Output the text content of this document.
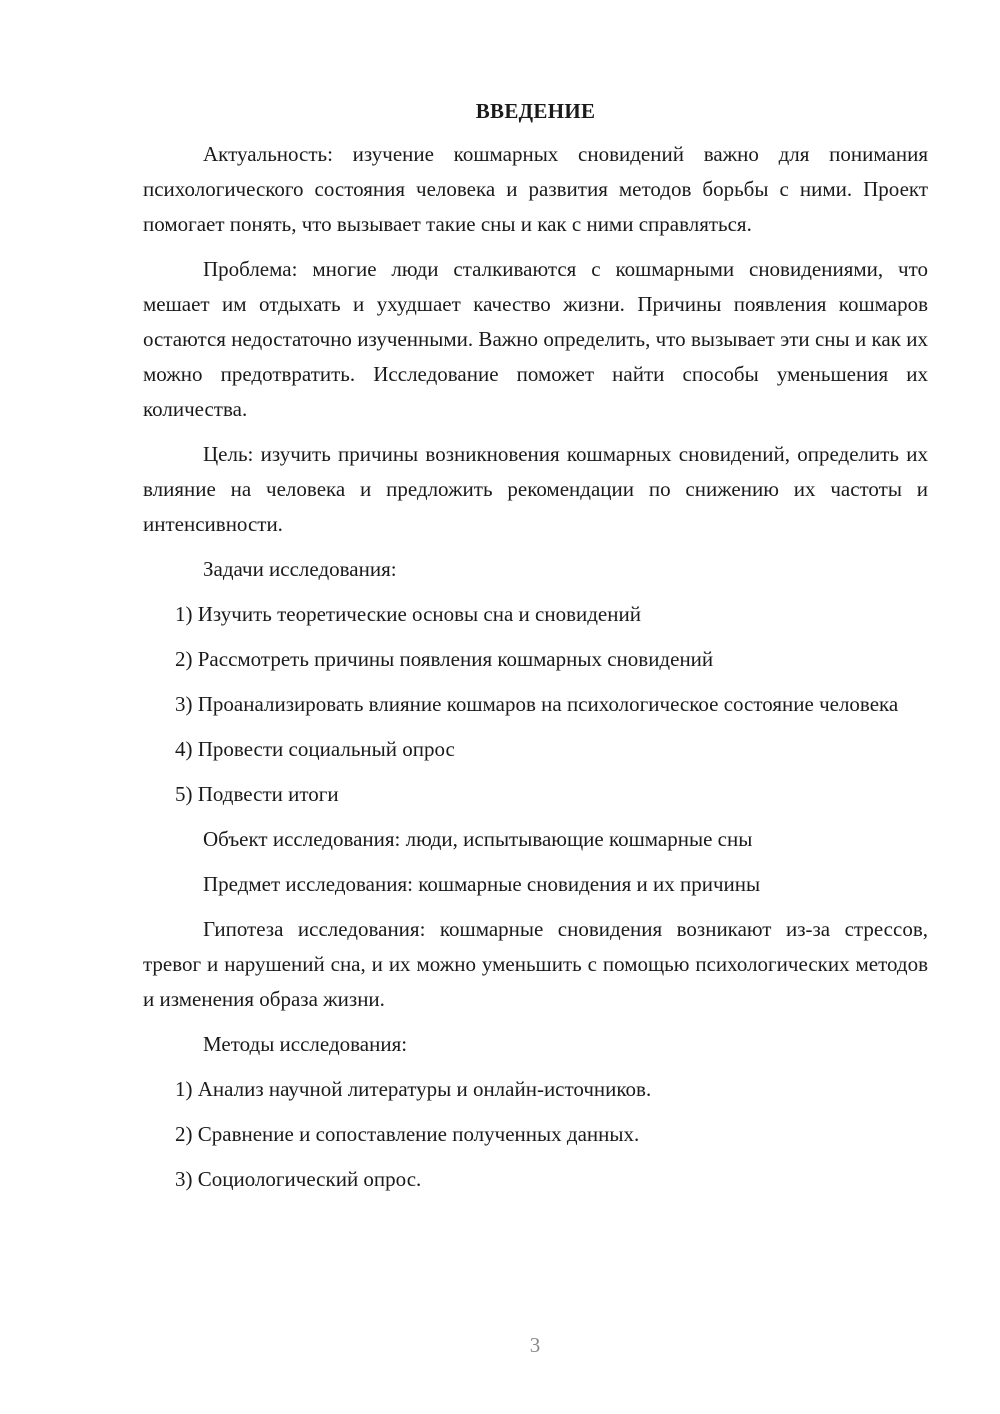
ВВЕДЕНИЕ
Актуальность: изучение кошмарных сновидений важно для понимания психологического состояния человека и развития методов борьбы с ними. Проект помогает понять, что вызывает такие сны и как с ними справляться.
Проблема: многие люди сталкиваются с кошмарными сновидениями, что мешает им отдыхать и ухудшает качество жизни. Причины появления кошмаров остаются недостаточно изученными. Важно определить, что вызывает эти сны и как их можно предотвратить. Исследование поможет найти способы уменьшения их количества.
Цель: изучить причины возникновения кошмарных сновидений, определить их влияние на человека и предложить рекомендации по снижению их частоты и интенсивности.
Задачи исследования:
1) Изучить теоретические основы сна и сновидений
2) Рассмотреть причины появления кошмарных сновидений
3) Проанализировать влияние кошмаров на психологическое состояние человека
4) Провести социальный опрос
5) Подвести итоги
Объект исследования: люди, испытывающие кошмарные сны
Предмет исследования: кошмарные сновидения и их причины
Гипотеза исследования: кошмарные сновидения возникают из-за стрессов, тревог и нарушений сна, и их можно уменьшить с помощью психологических методов и изменения образа жизни.
Методы исследования:
1) Анализ научной литературы и онлайн-источников.
2) Сравнение и сопоставление полученных данных.
3) Социологический опрос.
3
